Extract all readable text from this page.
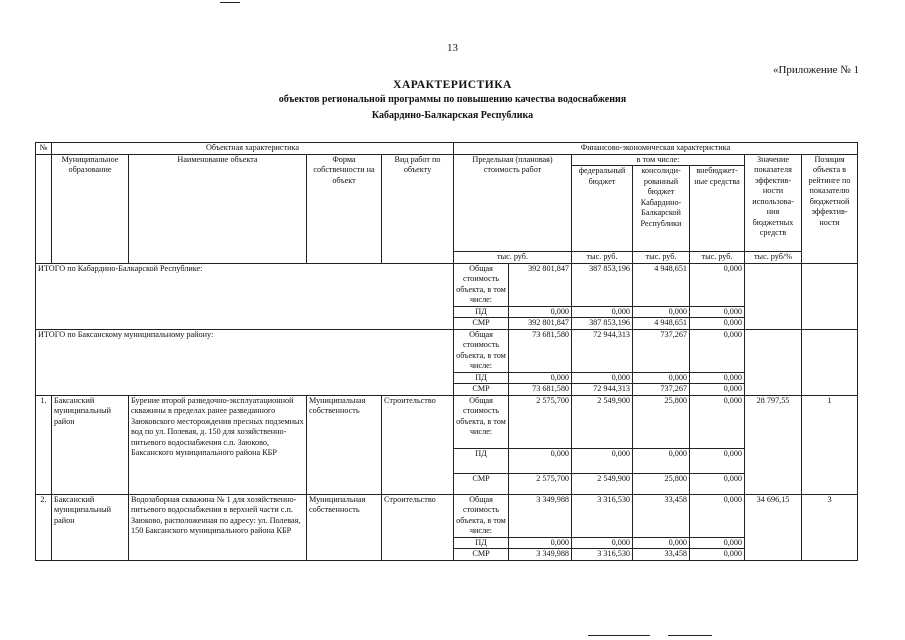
13
«Приложение № 1
ХАРАКТЕРИСТИКА
объектов региональной программы по повышению качества водоснабжения
Кабардино-Балкарская Республика
№	Объектная характеристика				Финансово-экономическая характеристика						
	Муниципальное образование	Наименование объекта	Форма собственности на объект	Вид работ по объекту	Предельная (плановая) стоимость работ		в том числе:			Значение показателя эффектив-ности использова-ния бюджетных средств	Позиция объекта в рейтинге по показателю бюджетной эффектив-ности
							федеральный бюджет	консолиди-рованный бюджет Кабардино-Балкарской Республики	внебюджет-ные средства		
					тыс. руб.		тыс. руб.	тыс. руб.	тыс. руб.	тыс. руб/%	
ИТОГО по Кабардино-Балкарской Республике:					Общая стоимость объекта, в том числе:	392 801,847	387 853,196	4 948,651	0,000		
					ПД	0,000	0,000	0,000	0,000		
					СМР	392 801,847	387 853,196	4 948,651	0,000		
ИТОГО по Баксанскому муниципальному району:					Общая стоимость объекта, в том числе:	73 681,580	72 944,313	737,267	0,000		
					ПД	0,000	0,000	0,000	0,000		
					СМР	73 681,580	72 944,313	737,267	0,000		
1.	Баксанский муниципальный район	Бурение второй разведочно-эксплуатационной скважины в пределах ранее разведанного Заюковского месторождения пресных подземных вод по ул. Полевая, д. 150 для хозяйственно-питьевого водоснабжения с.п. Заюково, Баксанского муниципального района КБР	Муниципальная собственность	Строительство	Общая стоимость объекта, в том числе:	2 575,700	2 549,900	25,800	0,000	28 797,55	1
					ПД	0,000	0,000	0,000	0,000		
					СМР	2 575,700	2 549,900	25,800	0,000		
2.	Баксанский муниципальный район	Водозаборная скважина № 1 для хозяйственно-питьевого водоснабжения в верхней части с.п. Заюково, расположенная по адресу: ул. Полевая, 150 Баксанского муниципального района КБР	Муниципальная собственность	Строительство	Общая стоимость объекта, в том числе:	3 349,988	3 316,530	33,458	0,000	34 696,15	3
					ПД	0,000	0,000	0,000	0,000		
					СМР	3 349,988	3 316,530	33,458	0,000		
